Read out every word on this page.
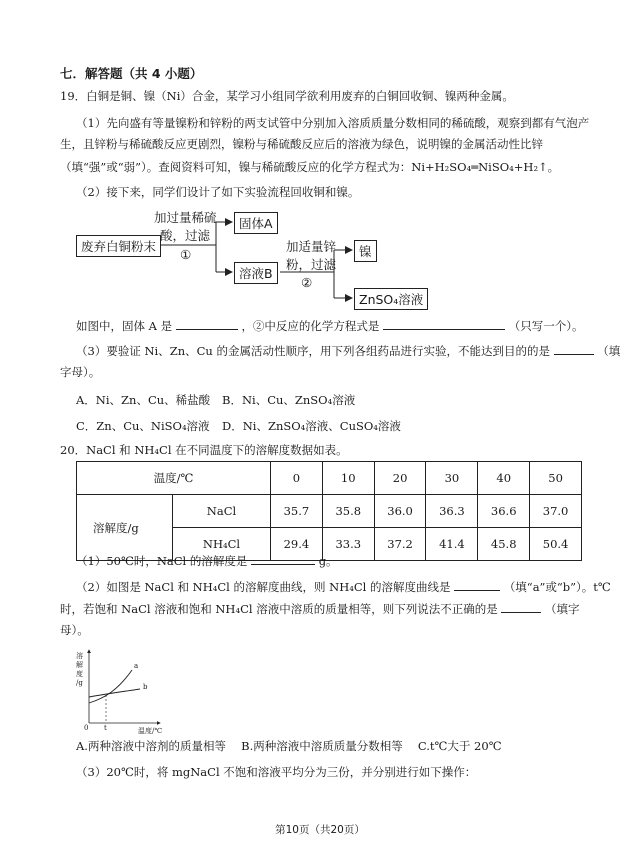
七．解答题（共 4 小题）
19．白铜是铜、镍（Ni）合金，某学习小组同学欲利用废弃的白铜回收铜、镍两种金属。
（1）先向盛有等量镍粉和锌粉的两支试管中分别加入溶质质量分数相同的稀硫酸，观察到都有气泡产
生，且锌粉与稀硫酸反应更剧烈，镍粉与稀硫酸反应后的溶液为绿色，说明镍的金属活动性比锌
（填“强”或“弱”）。查阅资料可知，镍与稀硫酸反应的化学方程式为：Ni+H₂SO₄═NiSO₄+H₂↑。
（2）接下来，同学们设计了如下实验流程回收铜和镍。
废弃白铜粉末
加过量稀硫
酸，过滤
①
固体A
溶液B
加适量锌
粉，过滤
②
镍
ZnSO₄溶液
如图中，固体 A 是	，②中反应的化学方程式是	（只写一个）。
（3）要验证 Ni、Zn、Cu 的金属活动性顺序，用下列各组药品进行实验，不能达到目的的是	（填
字母）。
A．Ni、Zn、Cu、稀盐酸 B．Ni、Cu、ZnSO₄溶液
C．Zn、Cu、NiSO₄溶液 D．Ni、ZnSO₄溶液、CuSO₄溶液
20．NaCl 和 NH₄Cl 在不同温度下的溶解度数据如表。
温度/℃		0	10	20	30	40	50
溶解度/g	NaCl	35.7	35.8	36.0	36.3	36.6	37.0
	NH₄Cl	29.4	33.3	37.2	41.4	45.8	50.4
（1）50℃时，NaCl 的溶解度是	g。
（2）如图是 NaCl 和 NH₄Cl 的溶解度曲线，则 NH₄Cl 的溶解度曲线是	（填“a”或“b”）。t℃
时，若饱和 NaCl 溶液和饱和 NH₄Cl 溶液中溶质的质量相等，则下列说法不正确的是	（填字
母）。
溶
解
度
/g
a
b
0 t	温度/℃
A.两种溶液中溶剂的质量相等　 B.两种溶液中溶质质量分数相等　 C.t℃大于 20℃
（3）20℃时，将 mgNaCl 不饱和溶液平均分为三份，并分别进行如下操作：
第10页（共20页）
